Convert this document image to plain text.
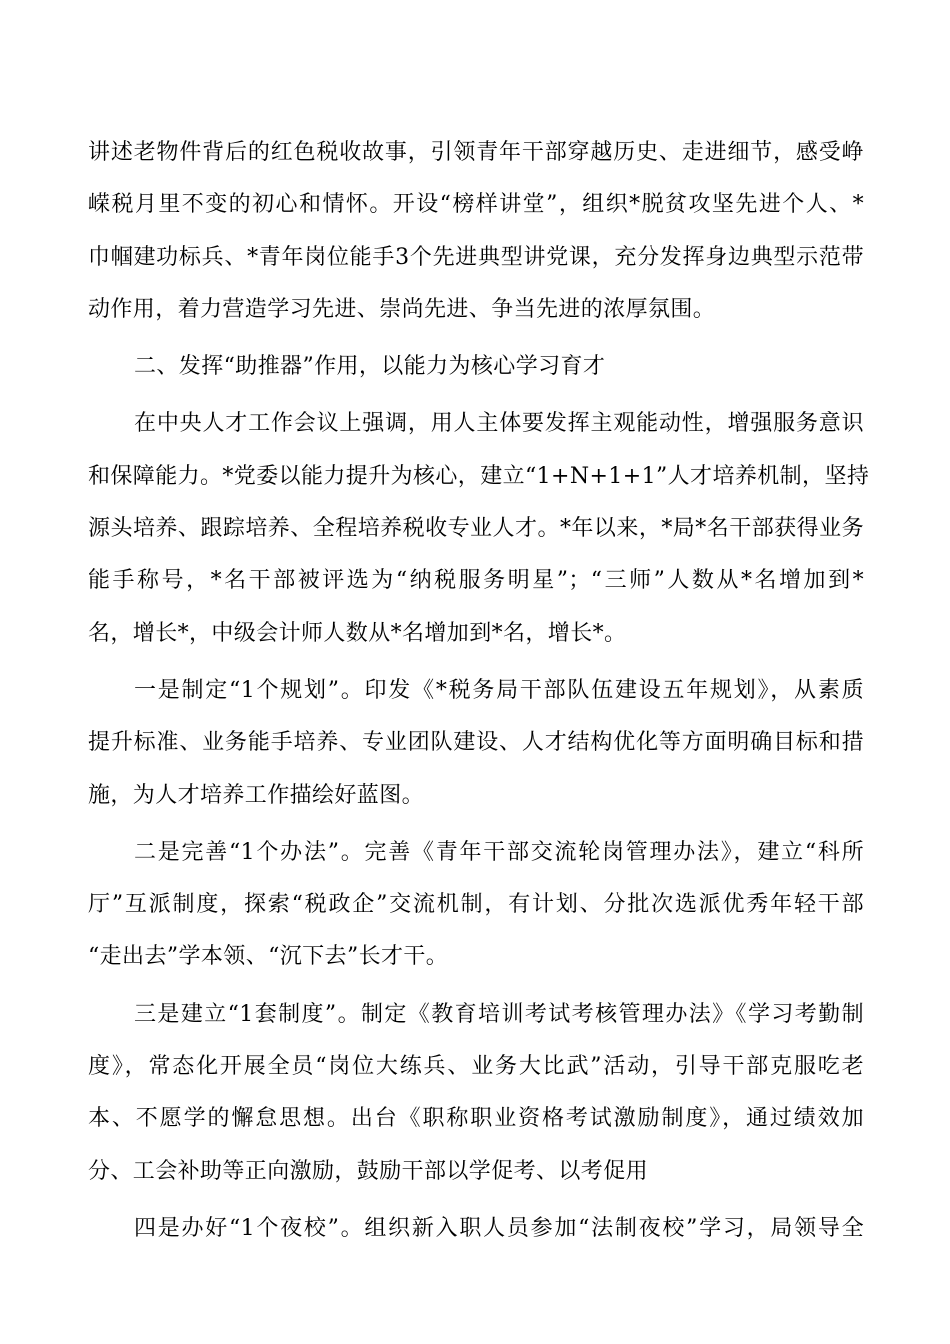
讲述老物件背后的红色税收故事，引领青年干部穿越历史、走进细节，感受峥
嵘税月里不变的初心和情怀。开设“榜样讲堂”，组织*脱贫攻坚先进个人、*
巾帼建功标兵、*青年岗位能手3个先进典型讲党课，充分发挥身边典型示范带
动作用，着力营造学习先进、崇尚先进、争当先进的浓厚氛围。
二、发挥“助推器”作用，以能力为核心学习育才
在中央人才工作会议上强调，用人主体要发挥主观能动性，增强服务意识
和保障能力。*党委以能力提升为核心，建立“1+N+1+1”人才培养机制，坚持
源头培养、跟踪培养、全程培养税收专业人才。*年以来，*局*名干部获得业务
能手称号，*名干部被评选为“纳税服务明星”；“三师”人数从*名增加到*
名，增长*，中级会计师人数从*名增加到*名，增长*。
一是制定“1个规划”。印发《*税务局干部队伍建设五年规划》，从素质
提升标准、业务能手培养、专业团队建设、人才结构优化等方面明确目标和措
施，为人才培养工作描绘好蓝图。
二是完善“1个办法”。完善《青年干部交流轮岗管理办法》，建立“科所
厅”互派制度，探索“税政企”交流机制，有计划、分批次选派优秀年轻干部
“走出去”学本领、“沉下去”长才干。
三是建立“1套制度”。制定《教育培训考试考核管理办法》《学习考勤制
度》，常态化开展全员“岗位大练兵、业务大比武”活动，引导干部克服吃老
本、不愿学的懈怠思想。出台《职称职业资格考试激励制度》，通过绩效加
分、工会补助等正向激励，鼓励干部以学促考、以考促用
四是办好“1个夜校”。组织新入职人员参加“法制夜校”学习，局领导全
